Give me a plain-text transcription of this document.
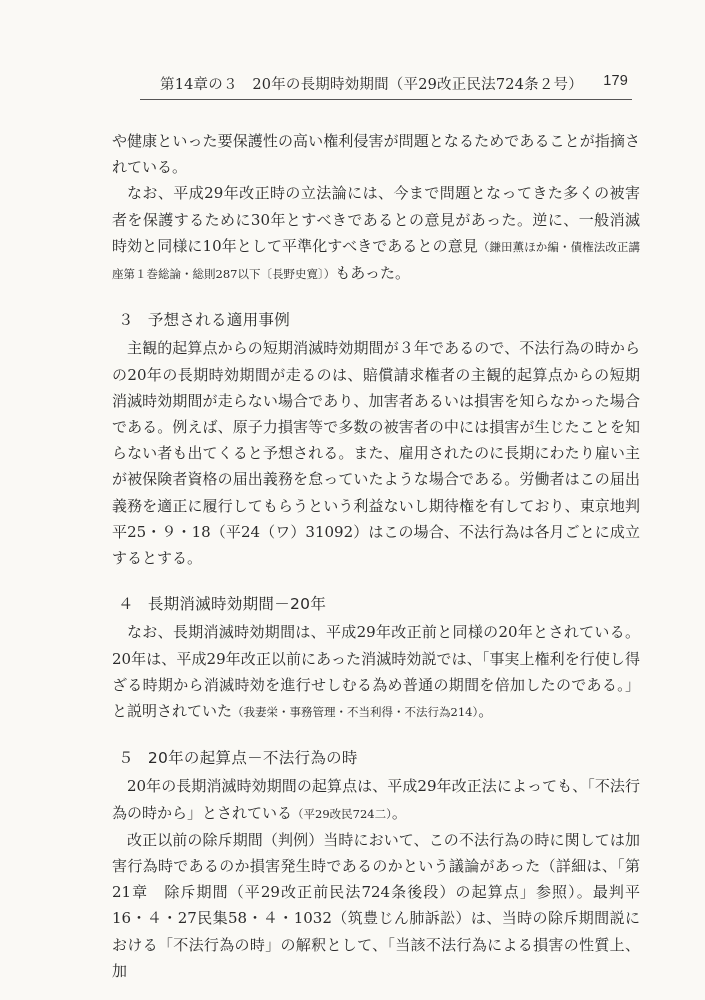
第14章の３　20年の長期時効期間（平29改正民法724条２号） 179

や健康といった要保護性の高い権利侵害が問題となるためであることが指摘されている。

なお、平成29年改正時の立法論には、今まで問題となってきた多くの被害者を保護するために30年とすべきであるとの意見があった。逆に、一般消滅時効と同様に10年として平準化すべきであるとの意見（鎌田薫ほか編・債権法改正講座第１巻総論・総則287以下〔長野史寛〕）もあった。

３ 予想される適用事例

主観的起算点からの短期消滅時効期間が３年であるので、不法行為の時からの20年の長期時効期間が走るのは、賠償請求権者の主観的起算点からの短期消滅時効期間が走らない場合であり、加害者あるいは損害を知らなかった場合である。例えば、原子力損害等で多数の被害者の中には損害が生じたことを知らない者も出てくると予想される。また、雇用されたのに長期にわたり雇い主が被保険者資格の届出義務を怠っていたような場合である。労働者はこの届出義務を適正に履行してもらうという利益ないし期待権を有しており、東京地判平25・９・18（平24（ワ）31092）はこの場合、不法行為は各月ごとに成立するとする。

４ 長期消滅時効期間－20年

なお、長期消滅時効期間は、平成29年改正前と同様の20年とされている。20年は、平成29年改正以前にあった消滅時効説では、「事実上権利を行使し得ざる時期から消滅時効を進行せしむる為め普通の期間を倍加したのである。」と説明されていた（我妻栄・事務管理・不当利得・不法行為214）。

５ 20年の起算点－不法行為の時

20年の長期消滅時効期間の起算点は、平成29年改正法によっても、「不法行為の時から」とされている（平29改民724二）。

改正以前の除斥期間（判例）当時において、この不法行為の時に関しては加害行為時であるのか損害発生時であるのかという議論があった（詳細は、「第21章　除斥期間（平29改正前民法724条後段）の起算点」参照）。最判平16・４・27民集58・４・1032（筑豊じん肺訴訟）は、当時の除斥期間説における「不法行為の時」の解釈として、「当該不法行為による損害の性質上、加
